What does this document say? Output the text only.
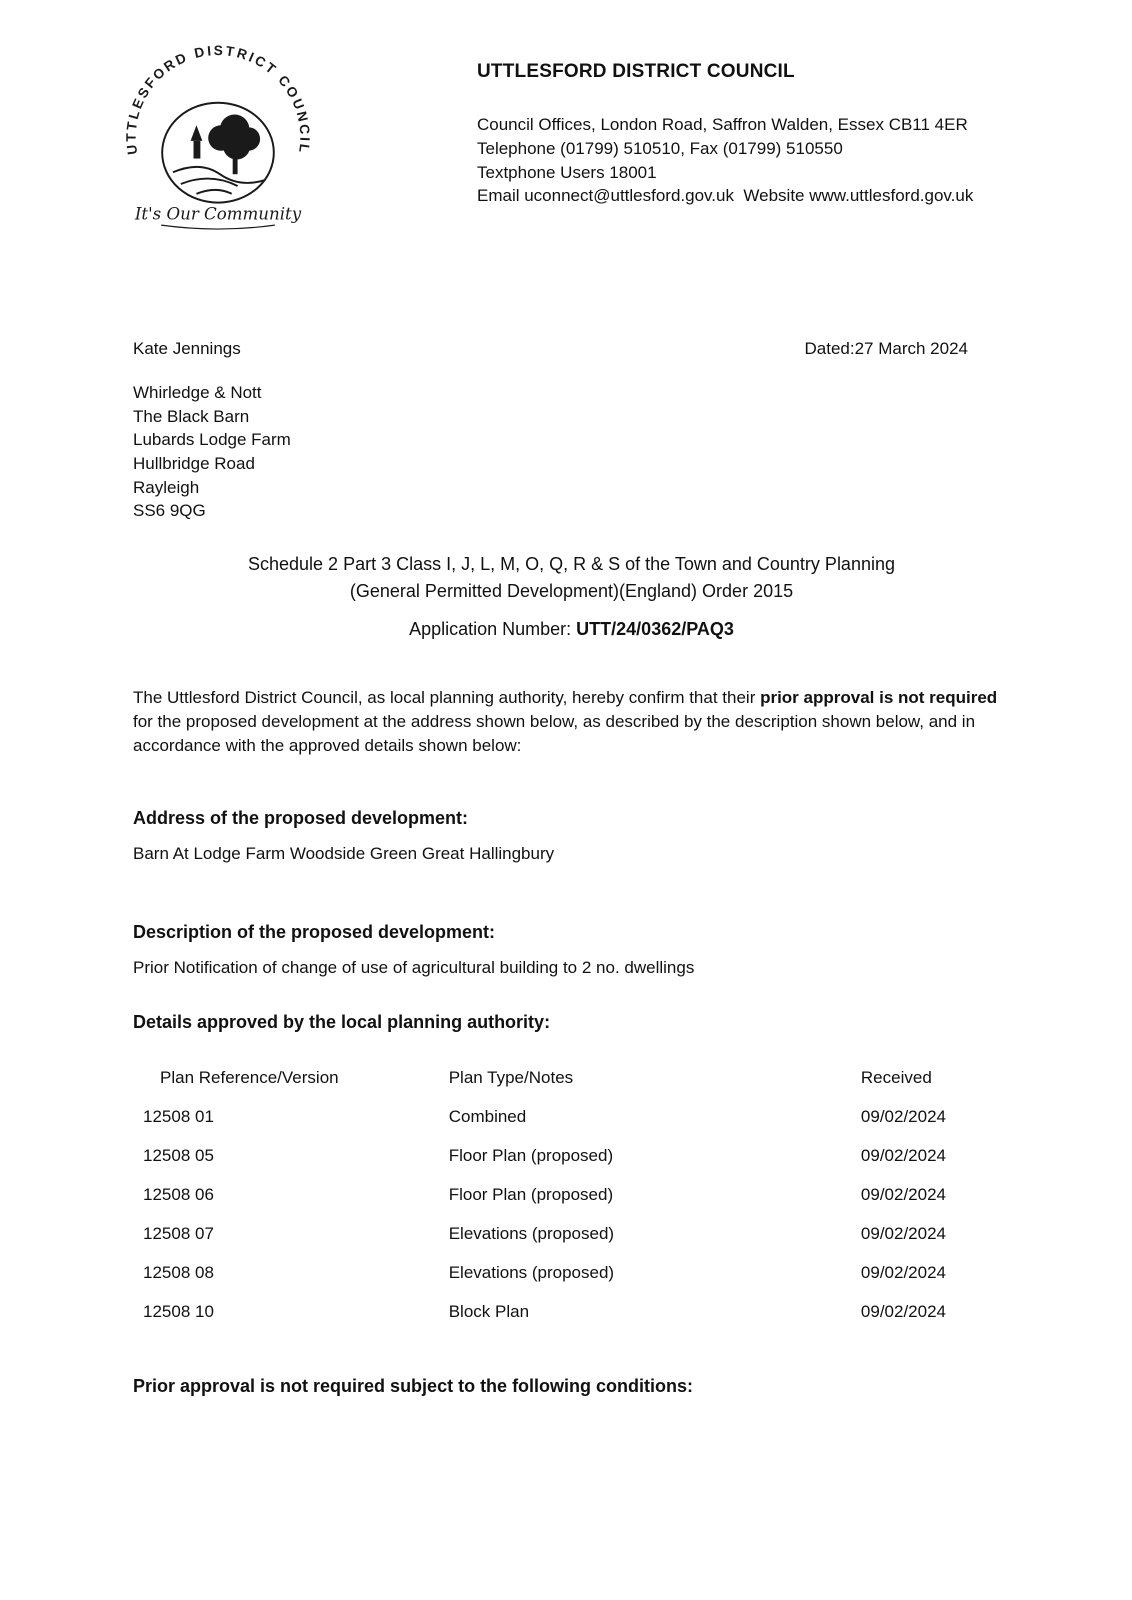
UTTLESFORD DISTRICT COUNCIL
It's Our Community

UTTLESFORD DISTRICT COUNCIL

Council Offices, London Road, Saffron Walden, Essex CB11 4ER

Telephone (01799) 510510, Fax (01799) 510550

Textphone Users 18001

Email uconnect@uttlesford.gov.uk  Website www.uttlesford.gov.uk

Kate Jennings	Dated:27 March 2024
Whirledge & Nott
The Black Barn
Lubards Lodge Farm
Hullbridge Road
Rayleigh
SS6 9QG
Schedule 2 Part 3 Class I, J, L, M, O, Q, R & S of the Town and Country Planning
(General Permitted Development)(England) Order 2015
Application Number: UTT/24/0362/PAQ3

The Uttlesford District Council, as local planning authority, hereby confirm that their prior approval is not required for the proposed development at the address shown below, as described by the description shown below, and in accordance with the approved details shown below:

Address of the proposed development:

Barn At Lodge Farm Woodside Green Great Hallingbury

Description of the proposed development:

Prior Notification of change of use of agricultural building to 2 no. dwellings

Details approved by the local planning authority:

Plan Reference/Version	Plan Type/Notes	Received
12508 01	Combined	09/02/2024
12508 05	Floor Plan (proposed)	09/02/2024
12508 06	Floor Plan (proposed)	09/02/2024
12508 07	Elevations (proposed)	09/02/2024
12508 08	Elevations (proposed)	09/02/2024
12508 10	Block Plan	09/02/2024

Prior approval is not required subject to the following conditions:
